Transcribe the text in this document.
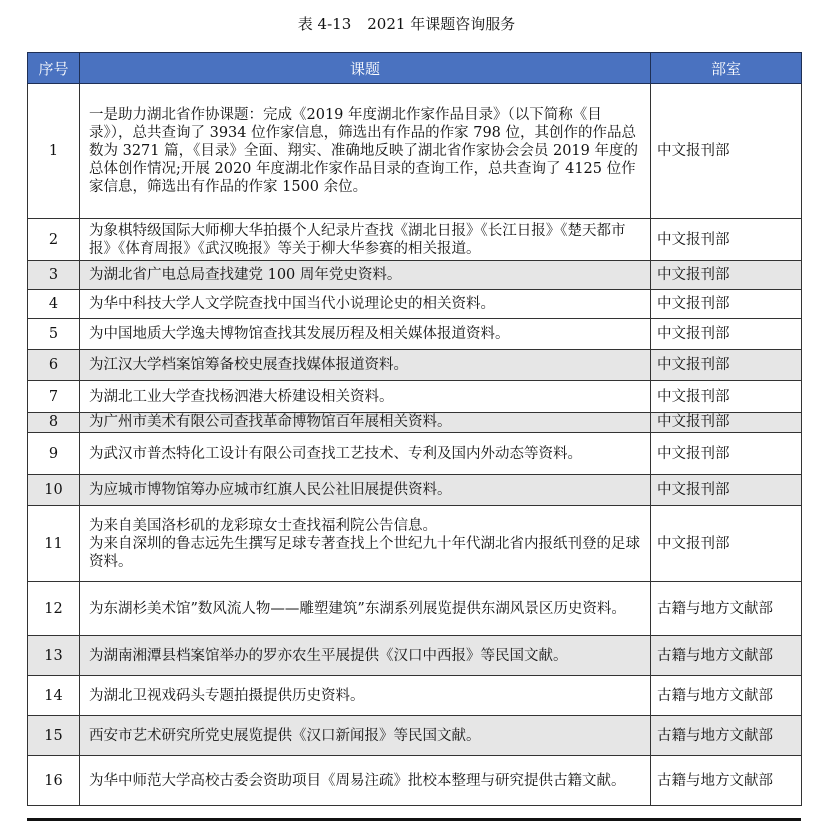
表 4-13 2021 年课题咨询服务
序号	课题	部室
1	一是助力湖北省作协课题：完成《2019 年度湖北作家作品目录》（以下简称《目录》），总共查询了 3934 位作家信息，筛选出有作品的作家 798 位，其创作的作品总数为 3271 篇，《目录》全面、翔实、准确地反映了湖北省作家协会会员 2019 年度的总体创作情况;开展 2020 年度湖北作家作品目录的查询工作，总共查询了 4125 位作家信息，筛选出有作品的作家 1500 余位。	中文报刊部
2	为象棋特级国际大师柳大华拍摄个人纪录片查找《湖北日报》《长江日报》《楚天都市报》《体育周报》《武汉晚报》等关于柳大华参赛的相关报道。	中文报刊部
3	为湖北省广电总局查找建党 100 周年党史资料。	中文报刊部
4	为华中科技大学人文学院查找中国当代小说理论史的相关资料。	中文报刊部
5	为中国地质大学逸夫博物馆查找其发展历程及相关媒体报道资料。	中文报刊部
6	为江汉大学档案馆筹备校史展查找媒体报道资料。	中文报刊部
7	为湖北工业大学查找杨泗港大桥建设相关资料。	中文报刊部
8	为广州市美术有限公司查找革命博物馆百年展相关资料。	中文报刊部
9	为武汉市普杰特化工设计有限公司查找工艺技术、专利及国内外动态等资料。	中文报刊部
10	为应城市博物馆筹办应城市红旗人民公社旧展提供资料。	中文报刊部
11	为来自美国洛杉矶的龙彩琼女士查找福利院公告信息。
为来自深圳的鲁志远先生撰写足球专著查找上个世纪九十年代湖北省内报纸刊登的足球资料。	中文报刊部
12	为东湖杉美术馆”数风流人物——雕塑建筑”东湖系列展览提供东湖风景区历史资料。	古籍与地方文献部
13	为湖南湘潭县档案馆举办的罗亦农生平展提供《汉口中西报》等民国文献。	古籍与地方文献部
14	为湖北卫视戏码头专题拍摄提供历史资料。	古籍与地方文献部
15	西安市艺术研究所党史展览提供《汉口新闻报》等民国文献。	古籍与地方文献部
16	为华中师范大学高校古委会资助项目《周易注疏》批校本整理与研究提供古籍文献。	古籍与地方文献部
